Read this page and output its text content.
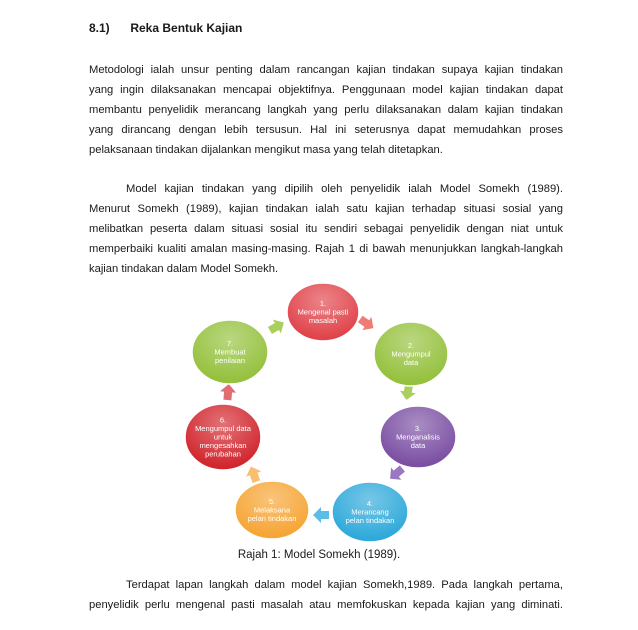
8.1) Reka Bentuk Kajian
Metodologi ialah unsur penting dalam rancangan kajian tindakan supaya kajian tindakan
yang ingin dilaksanakan mencapai objektifnya. Penggunaan model kajian tindakan dapat
membantu penyelidik merancang langkah yang perlu dilaksanakan dalam kajian tindakan
yang dirancang dengan lebih tersusun. Hal ini seterusnya dapat memudahkan proses
pelaksanaan tindakan dijalankan mengikut masa yang telah ditetapkan.
Model kajian tindakan yang dipilih oleh penyelidik ialah Model Somekh (1989).
Menurut Somekh (1989), kajian tindakan ialah satu kajian terhadap situasi sosial yang
melibatkan peserta dalam situasi sosial itu sendiri sebagai penyelidik dengan niat untuk
memperbaiki kualiti amalan masing-masing. Rajah 1 di bawah menunjukkan langkah-langkah
kajian tindakan dalam Model Somekh.
1.
Mengenal pasti
masalah
2.
Mengumpul
data
3.
Menganalisis
data
4.
Merancang
pelan tindakan
5.
Melaksana
pelan tindakan
6.
Mengumpul data
untuk
mengesahkan
perubahan
7.
Membuat
penilaian
Rajah 1: Model Somekh (1989).
Terdapat lapan langkah dalam model kajian Somekh,1989. Pada langkah pertama,
penyelidik perlu mengenal pasti masalah atau memfokuskan kepada kajian yang diminati.
